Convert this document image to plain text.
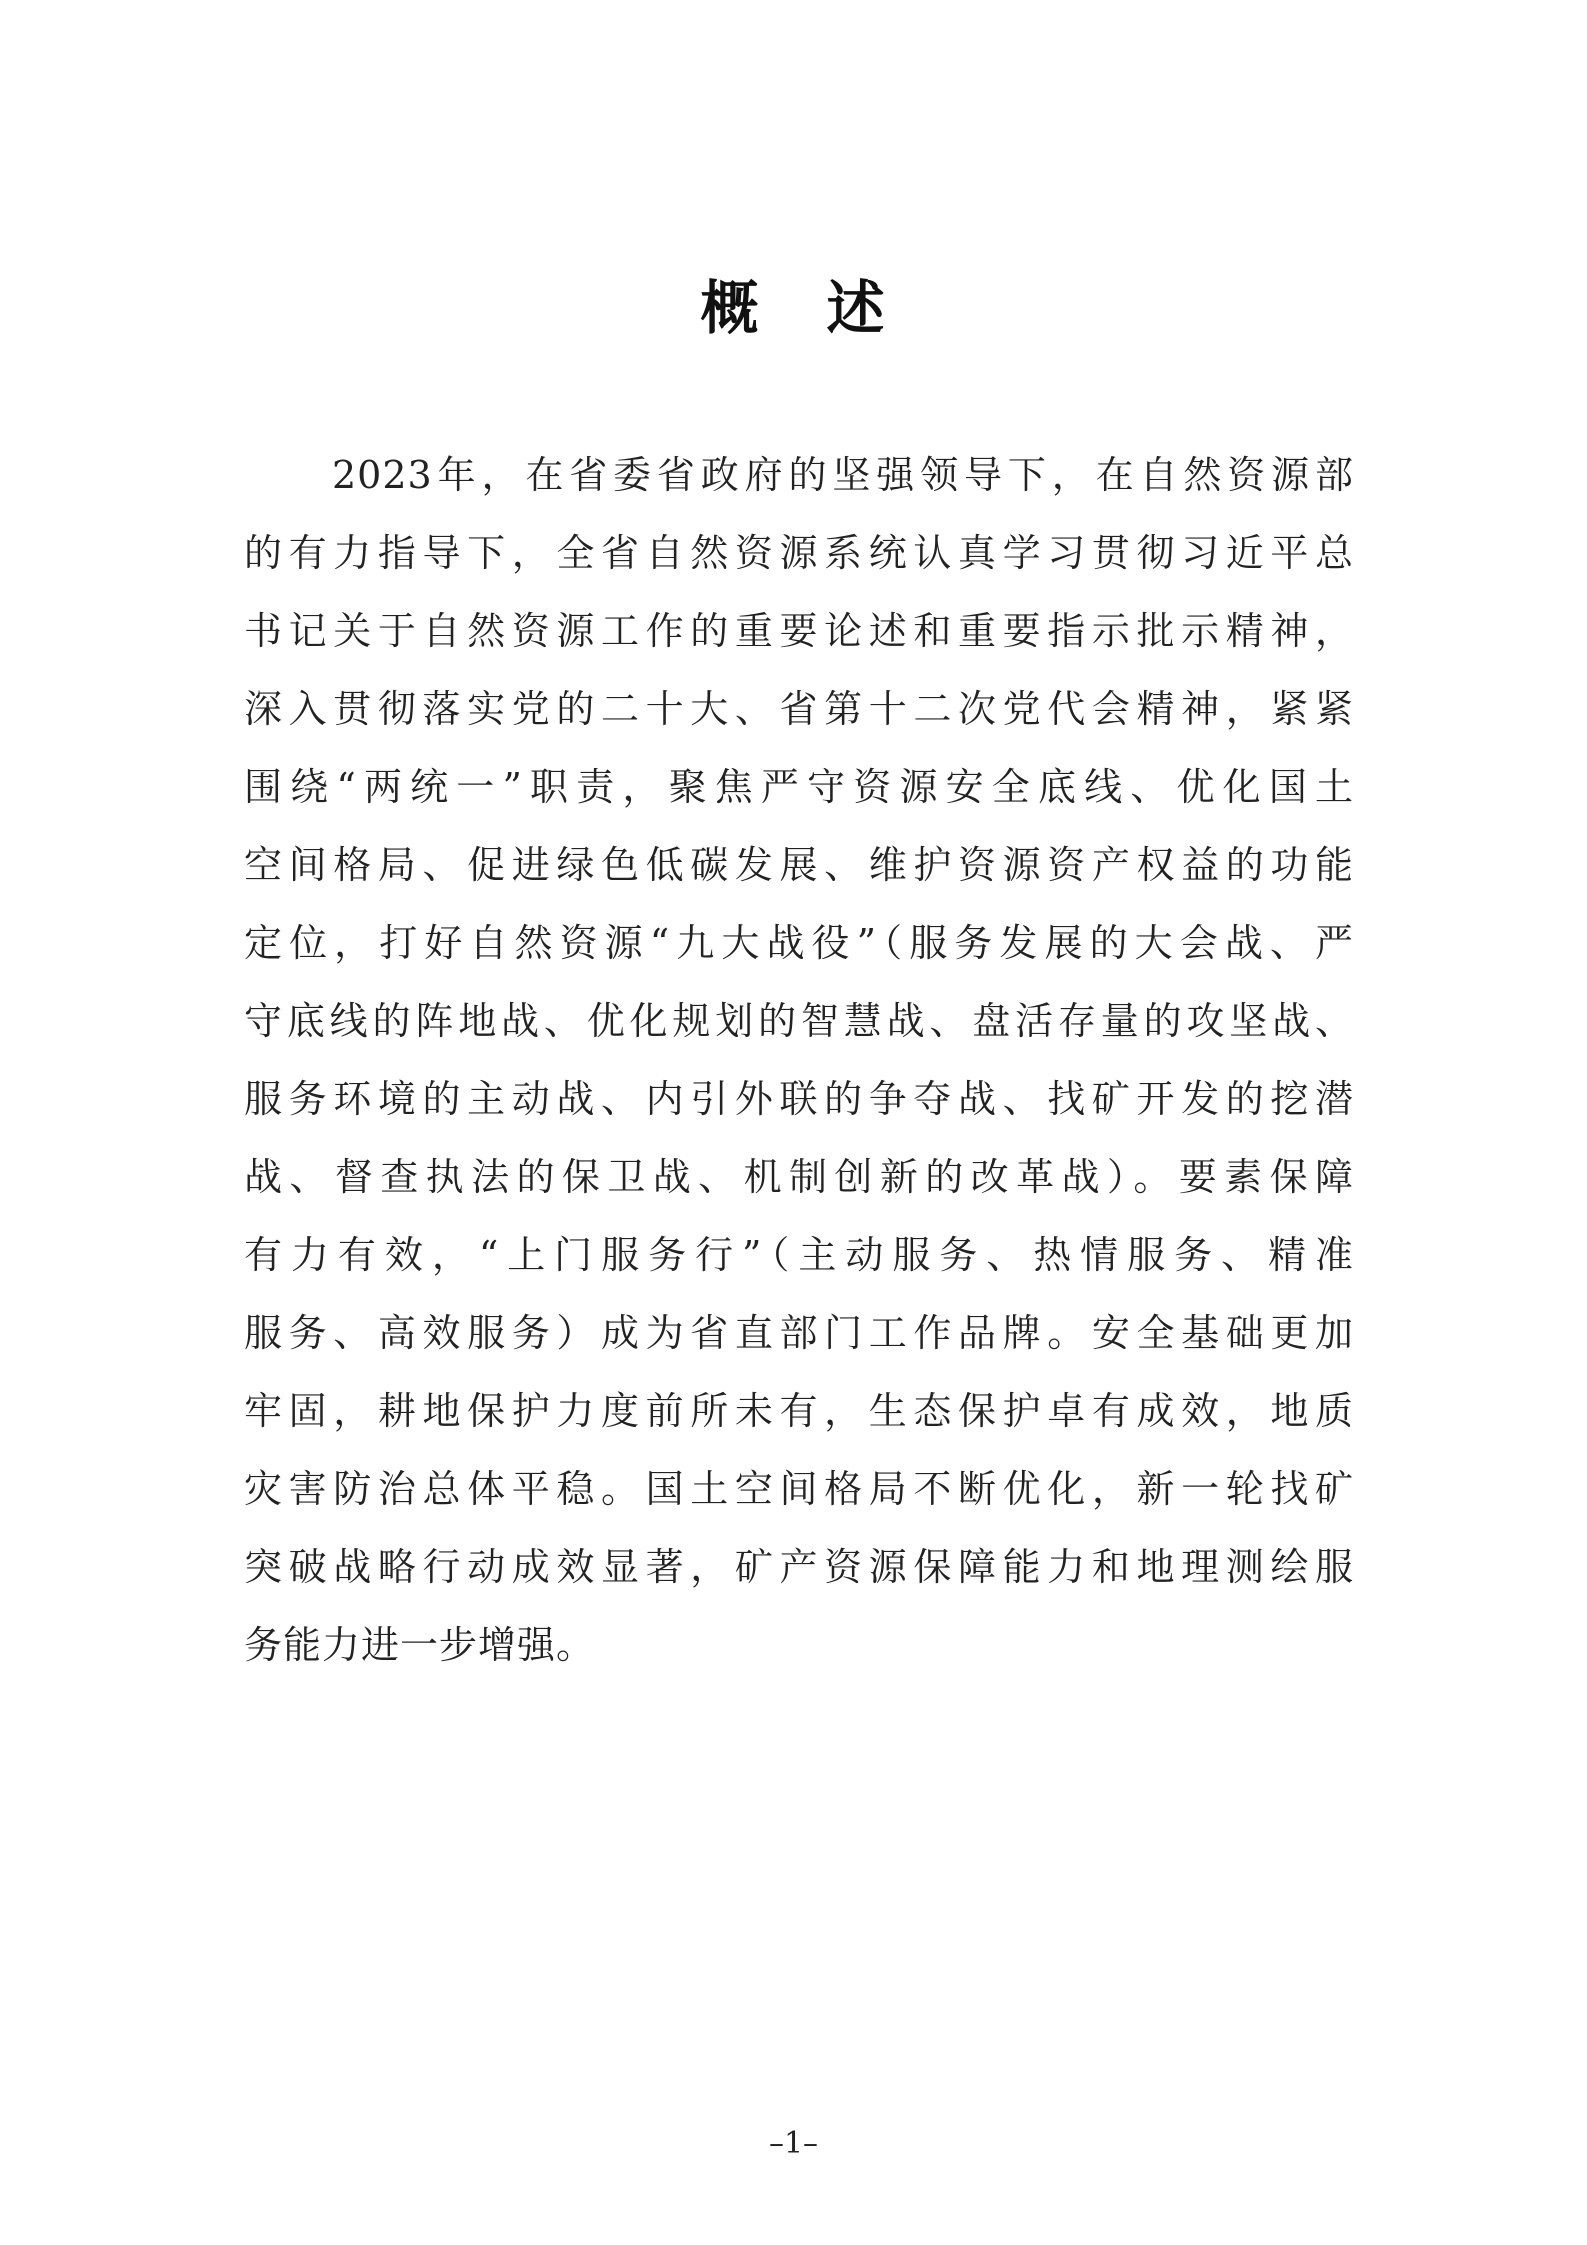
概 述
2023年，在省委省政府的坚强领导下，在自然资源部
的有力指导下，全省自然资源系统认真学习贯彻习近平总
书记关于自然资源工作的重要论述和重要指示批示精神，
深入贯彻落实党的二十大、省第十二次党代会精神，紧紧
围绕“两统一”职责，聚焦严守资源安全底线、优化国土
空间格局、促进绿色低碳发展、维护资源资产权益的功能
定位，打好自然资源“九大战役”（服务发展的大会战、严
守底线的阵地战、优化规划的智慧战、盘活存量的攻坚战、
服务环境的主动战、内引外联的争夺战、找矿开发的挖潜
战、督查执法的保卫战、机制创新的改革战）。要素保障
有力有效，“上门服务行”（主动服务、热情服务、精准
服务、高效服务）成为省直部门工作品牌。安全基础更加
牢固，耕地保护力度前所未有，生态保护卓有成效，地质
灾害防治总体平稳。国土空间格局不断优化，新一轮找矿
突破战略行动成效显著，矿产资源保障能力和地理测绘服
务能力进一步增强。
–1–
